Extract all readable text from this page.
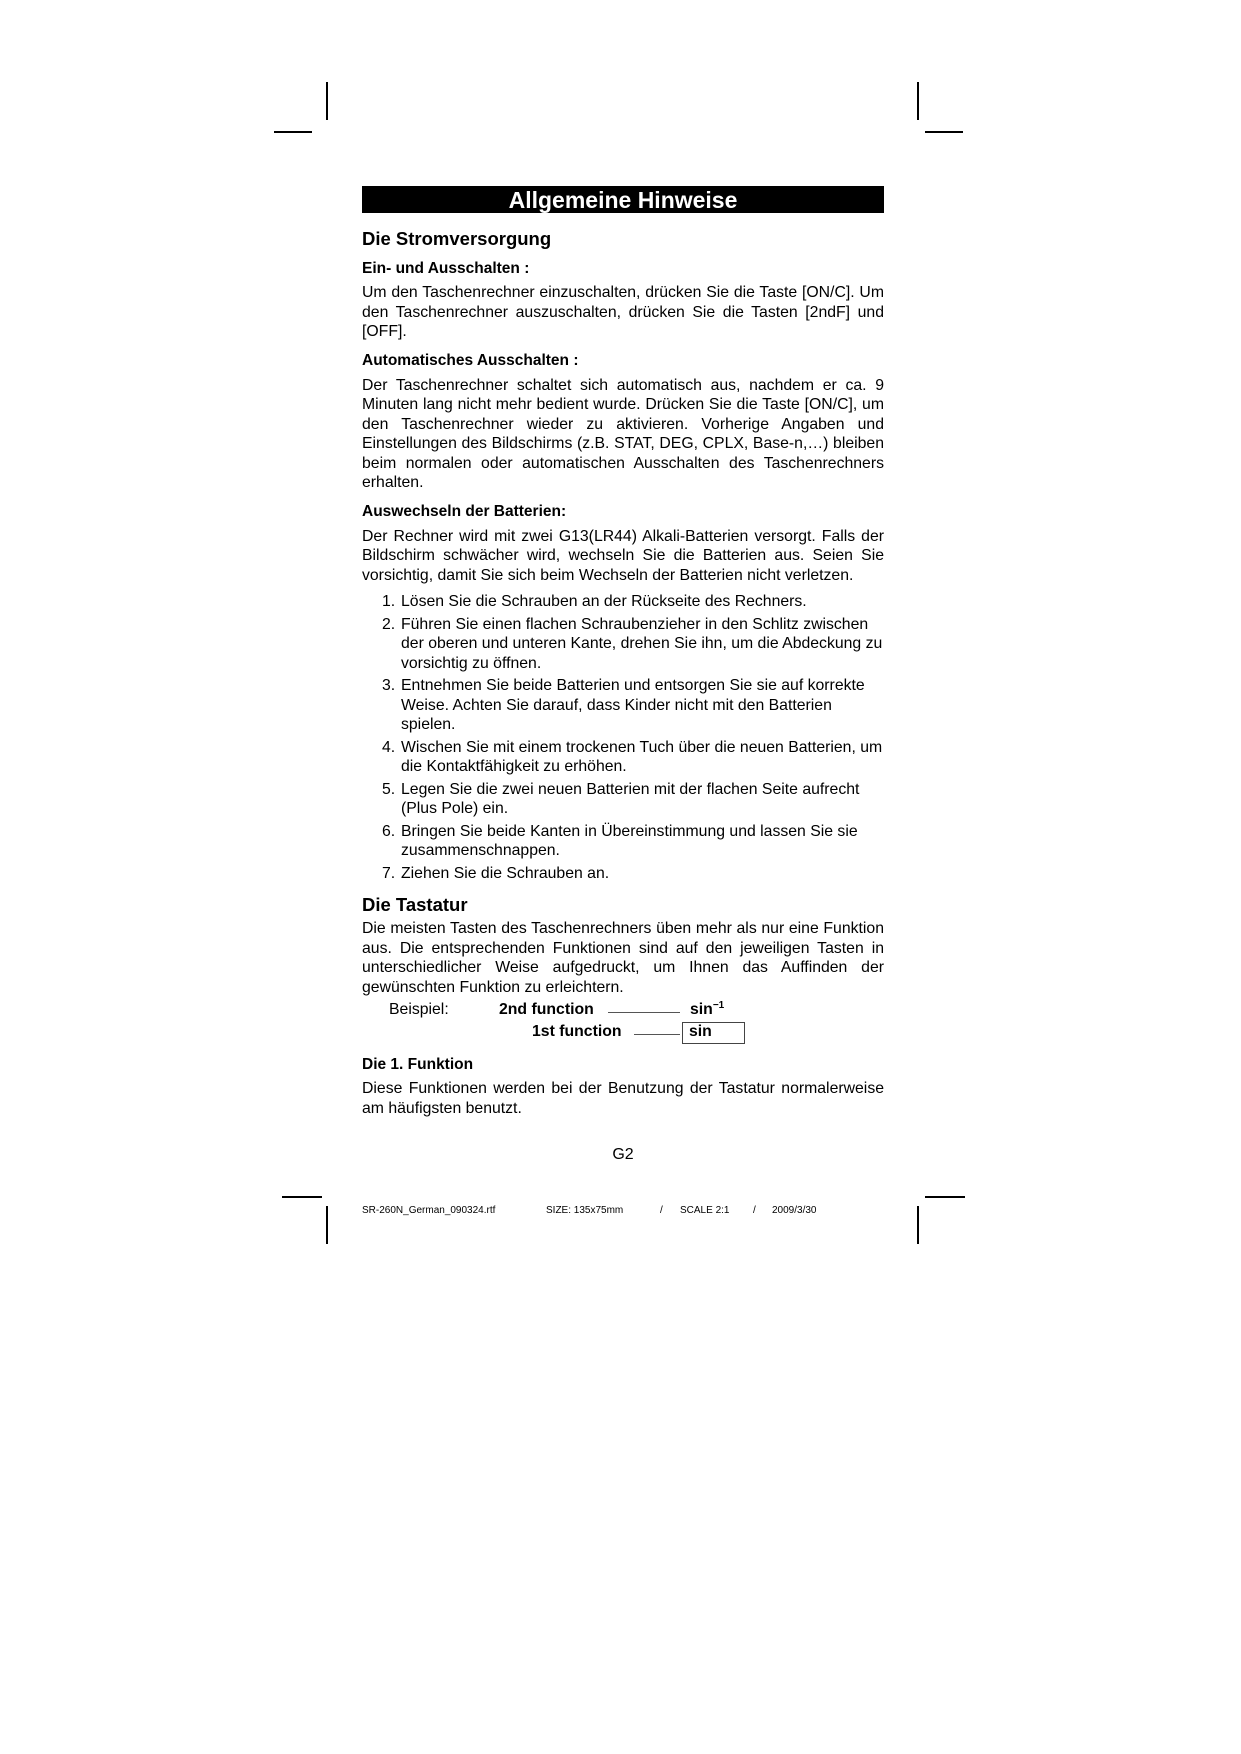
Allgemeine Hinweise
Die Stromversorgung
Ein- und Ausschalten :

Um den Taschenrechner einzuschalten, drücken Sie die Taste [ON/C]. Um den Taschenrechner auszuschalten, drücken Sie die Tasten [2ndF] und [OFF].

Automatisches Ausschalten :

Der Taschenrechner schaltet sich automatisch aus, nachdem er ca. 9 Minuten lang nicht mehr bedient wurde. Drücken Sie die Taste [ON/C], um den Taschenrechner wieder zu aktivieren. Vorherige Angaben und Einstellungen des Bildschirms (z.B. STAT, DEG, CPLX, Base-n,…) bleiben beim normalen oder automatischen Ausschalten des Taschenrechners erhalten.

Auswechseln der Batterien:

Der Rechner wird mit zwei G13(LR44) Alkali-Batterien versorgt. Falls der Bildschirm schwächer wird, wechseln Sie die Batterien aus. Seien Sie vorsichtig, damit Sie sich beim Wechseln der Batterien nicht verletzen.

1. Lösen Sie die Schrauben an der Rückseite des Rechners.
2. Führen Sie einen flachen Schraubenzieher in den Schlitz zwischen der oberen und unteren Kante, drehen Sie ihn, um die Abdeckung zu vorsichtig zu öffnen.
3. Entnehmen Sie beide Batterien und entsorgen Sie sie auf korrekte Weise. Achten Sie darauf, dass Kinder nicht mit den Batterien spielen.
4. Wischen Sie mit einem trockenen Tuch über die neuen Batterien, um die Kontaktfähigkeit zu erhöhen.
5. Legen Sie die zwei neuen Batterien mit der flachen Seite aufrecht (Plus Pole) ein.
6. Bringen Sie beide Kanten in Übereinstimmung und lassen Sie sie zusammenschnappen.
7. Ziehen Sie die Schrauben an.
Die Tastatur

Die meisten Tasten des Taschenrechners üben mehr als nur eine Funktion aus. Die entsprechenden Funktionen sind auf den jeweiligen Tasten in unterschiedlicher Weise aufgedruckt, um Ihnen das Auffinden der gewünschten Funktion zu erleichtern.

Beispiel:	2nd function	$\sin^{-1}$
1st function	sin
Die 1. Funktion

Diese Funktionen werden bei der Benutzung der Tastatur normalerweise am häufigsten benutzt.

G2
SR-260N_German_090324.rtf	SIZE: 135x75mm	/ SCALE 2:1 / 2009/3/30
